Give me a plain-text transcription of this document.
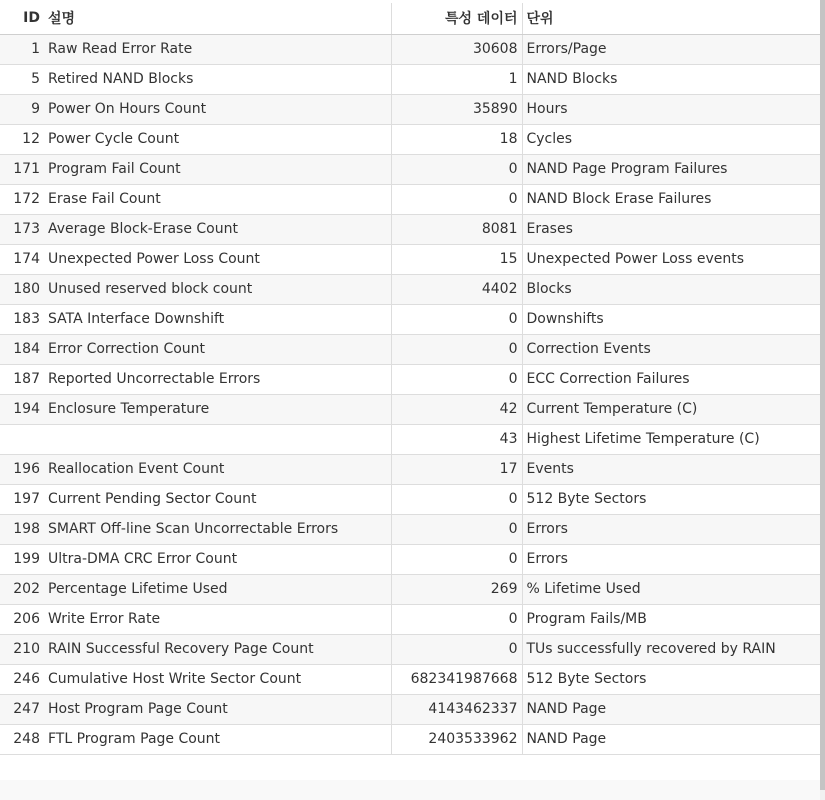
ID	설명	특성 데이터	단위
1	Raw Read Error Rate	30608	Errors/Page
5	Retired NAND Blocks	1	NAND Blocks
9	Power On Hours Count	35890	Hours
12	Power Cycle Count	18	Cycles
171	Program Fail Count	0	NAND Page Program Failures
172	Erase Fail Count	0	NAND Block Erase Failures
173	Average Block-Erase Count	8081	Erases
174	Unexpected Power Loss Count	15	Unexpected Power Loss events
180	Unused reserved block count	4402	Blocks
183	SATA Interface Downshift	0	Downshifts
184	Error Correction Count	0	Correction Events
187	Reported Uncorrectable Errors	0	ECC Correction Failures
194	Enclosure Temperature	42	Current Temperature (C)
		43	Highest Lifetime Temperature (C)
196	Reallocation Event Count	17	Events
197	Current Pending Sector Count	0	512 Byte Sectors
198	SMART Off-line Scan Uncorrectable Errors	0	Errors
199	Ultra-DMA CRC Error Count	0	Errors
202	Percentage Lifetime Used	269	% Lifetime Used
206	Write Error Rate	0	Program Fails/MB
210	RAIN Successful Recovery Page Count	0	TUs successfully recovered by RAIN
246	Cumulative Host Write Sector Count	682341987668	512 Byte Sectors
247	Host Program Page Count	4143462337	NAND Page
248	FTL Program Page Count	2403533962	NAND Page
